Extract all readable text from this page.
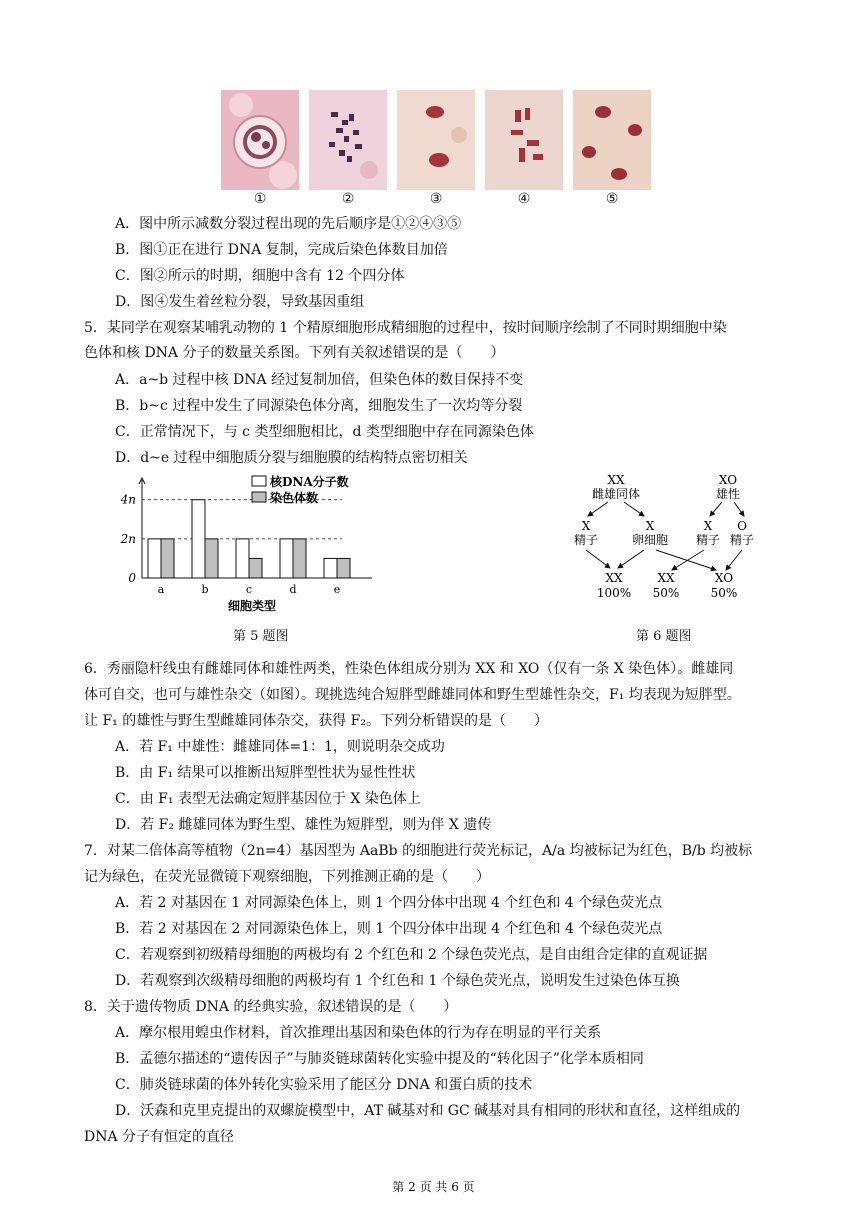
①	②	③	④	⑤
A．图中所示减数分裂过程出现的先后顺序是①②④③⑤
B．图①正在进行 DNA 复制，完成后染色体数目加倍
C．图②所示的时期，细胞中含有 12 个四分体
D．图④发生着丝粒分裂，导致基因重组
5．某同学在观察某哺乳动物的 1 个精原细胞形成精细胞的过程中，按时间顺序绘制了不同时期细胞中染
色体和核 DNA 分子的数量关系图。下列有关叙述错误的是（　　）
A．a~b 过程中核 DNA 经过复制加倍，但染色体的数目保持不变
B．b~c 过程中发生了同源染色体分离，细胞发生了一次均等分裂
C．正常情况下，与 c 类型细胞相比，d 类型细胞中存在同源染色体
D．d~e 过程中细胞质分裂与细胞膜的结构特点密切相关
0
2n
4n
a	b	c	d	e
细胞类型
核DNA分子数
染色体数
第 5 题图
XX
雌雄同体
XO
雄性
X
精子
X
卵细胞
X
精子
O
精子
XX
100%
XX
50%
XO
50%
第 6 题图
6．秀丽隐杆线虫有雌雄同体和雄性两类，性染色体组成分别为 XX 和 XO（仅有一条 X 染色体）。雌雄同
体可自交，也可与雄性杂交（如图）。现挑选纯合短胖型雌雄同体和野生型雄性杂交，F₁ 均表现为短胖型。
让 F₁ 的雄性与野生型雌雄同体杂交，获得 F₂。下列分析错误的是（　　）
A．若 F₁ 中雄性：雌雄同体=1：1，则说明杂交成功
B．由 F₁ 结果可以推断出短胖型性状为显性性状
C．由 F₁ 表型无法确定短胖基因位于 X 染色体上
D．若 F₂ 雌雄同体为野生型、雄性为短胖型，则为伴 X 遗传
7．对某二倍体高等植物（2n=4）基因型为 AaBb 的细胞进行荧光标记，A/a 均被标记为红色，B/b 均被标
记为绿色，在荧光显微镜下观察细胞，下列推测正确的是（　　）
A．若 2 对基因在 1 对同源染色体上，则 1 个四分体中出现 4 个红色和 4 个绿色荧光点
B．若 2 对基因在 2 对同源染色体上，则 1 个四分体中出现 4 个红色和 4 个绿色荧光点
C．若观察到初级精母细胞的两极均有 2 个红色和 2 个绿色荧光点，是自由组合定律的直观证据
D．若观察到次级精母细胞的两极均有 1 个红色和 1 个绿色荧光点，说明发生过染色体互换
8．关于遗传物质 DNA 的经典实验，叙述错误的是（　　）
A．摩尔根用蝗虫作材料，首次推理出基因和染色体的行为存在明显的平行关系
B．孟德尔描述的“遗传因子”与肺炎链球菌转化实验中提及的“转化因子”化学本质相同
C．肺炎链球菌的体外转化实验采用了能区分 DNA 和蛋白质的技术
D．沃森和克里克提出的双螺旋模型中，AT 碱基对和 GC 碱基对具有相同的形状和直径，这样组成的
DNA 分子有恒定的直径
第 2 页 共 6 页
